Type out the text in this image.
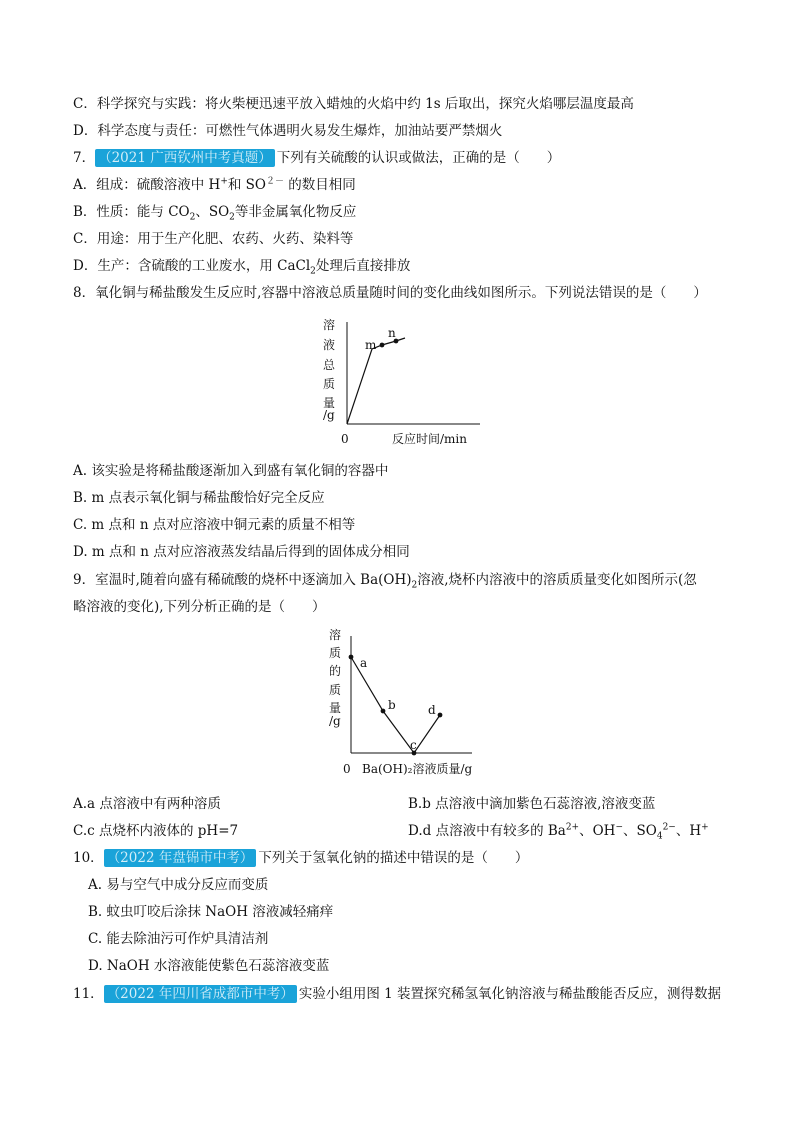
C．科学探究与实践：将火柴梗迅速平放入蜡烛的火焰中约 1s 后取出，探究火焰哪层温度最高
D．科学态度与责任：可燃性气体遇明火易发生爆炸，加油站要严禁烟火
7． （2021 广西钦州中考真题） 下列有关硫酸的认识或做法，正确的是（　　）
A．组成：硫酸溶液中 H+和 $SO^{2-}$ 的数目相同
B．性质：能与 $CO_2$、$SO_2$等非金属氧化物反应
C．用途：用于生产化肥、农药、火药、染料等
D．生产：含硫酸的工业废水，用 CaCl$_2$处理后直接排放
8．氧化铜与稀盐酸发生反应时,容器中溶液总质量随时间的变化曲线如图所示。下列说法错误的是（　　）
溶
液
总
质
量
/g
m
n
0	反应时间/min
A. 该实验是将稀盐酸逐渐加入到盛有氧化铜的容器中
B. m 点表示氧化铜与稀盐酸恰好完全反应
C. m 点和 n 点对应溶液中铜元素的质量不相等
D. m 点和 n 点对应溶液蒸发结晶后得到的固体成分相同
9．室温时,随着向盛有稀硫酸的烧杯中逐滴加入 $Ba(OH)_2$溶液,烧杯内溶液中的溶质质量变化如图所示(忽
略溶液的变化),下列分析正确的是（　　）
溶
质
的
质
量
/g
a
b
c
d
0 Ba(OH)₂溶液质量/g
A.a 点溶液中有两种溶质	B.b 点溶液中滴加紫色石蕊溶液,溶液变蓝
C.c 点烧杯内液体的 pH=7	D.d 点溶液中有较多的 $Ba^{2+}$、OH−、$SO_4^{2-}$、H+
10． （2022 年盘锦市中考） 下列关于氢氧化钠的描述中错误的是（　　）
A. 易与空气中成分反应而变质
B. 蚊虫叮咬后涂抹 NaOH 溶液减轻痛痒
C. 能去除油污可作炉具清洁剂
D. NaOH 水溶液能使紫色石蕊溶液变蓝
11． （2022 年四川省成都市中考） 实验小组用图 1 装置探究稀氢氧化钠溶液与稀盐酸能否反应，测得数据
